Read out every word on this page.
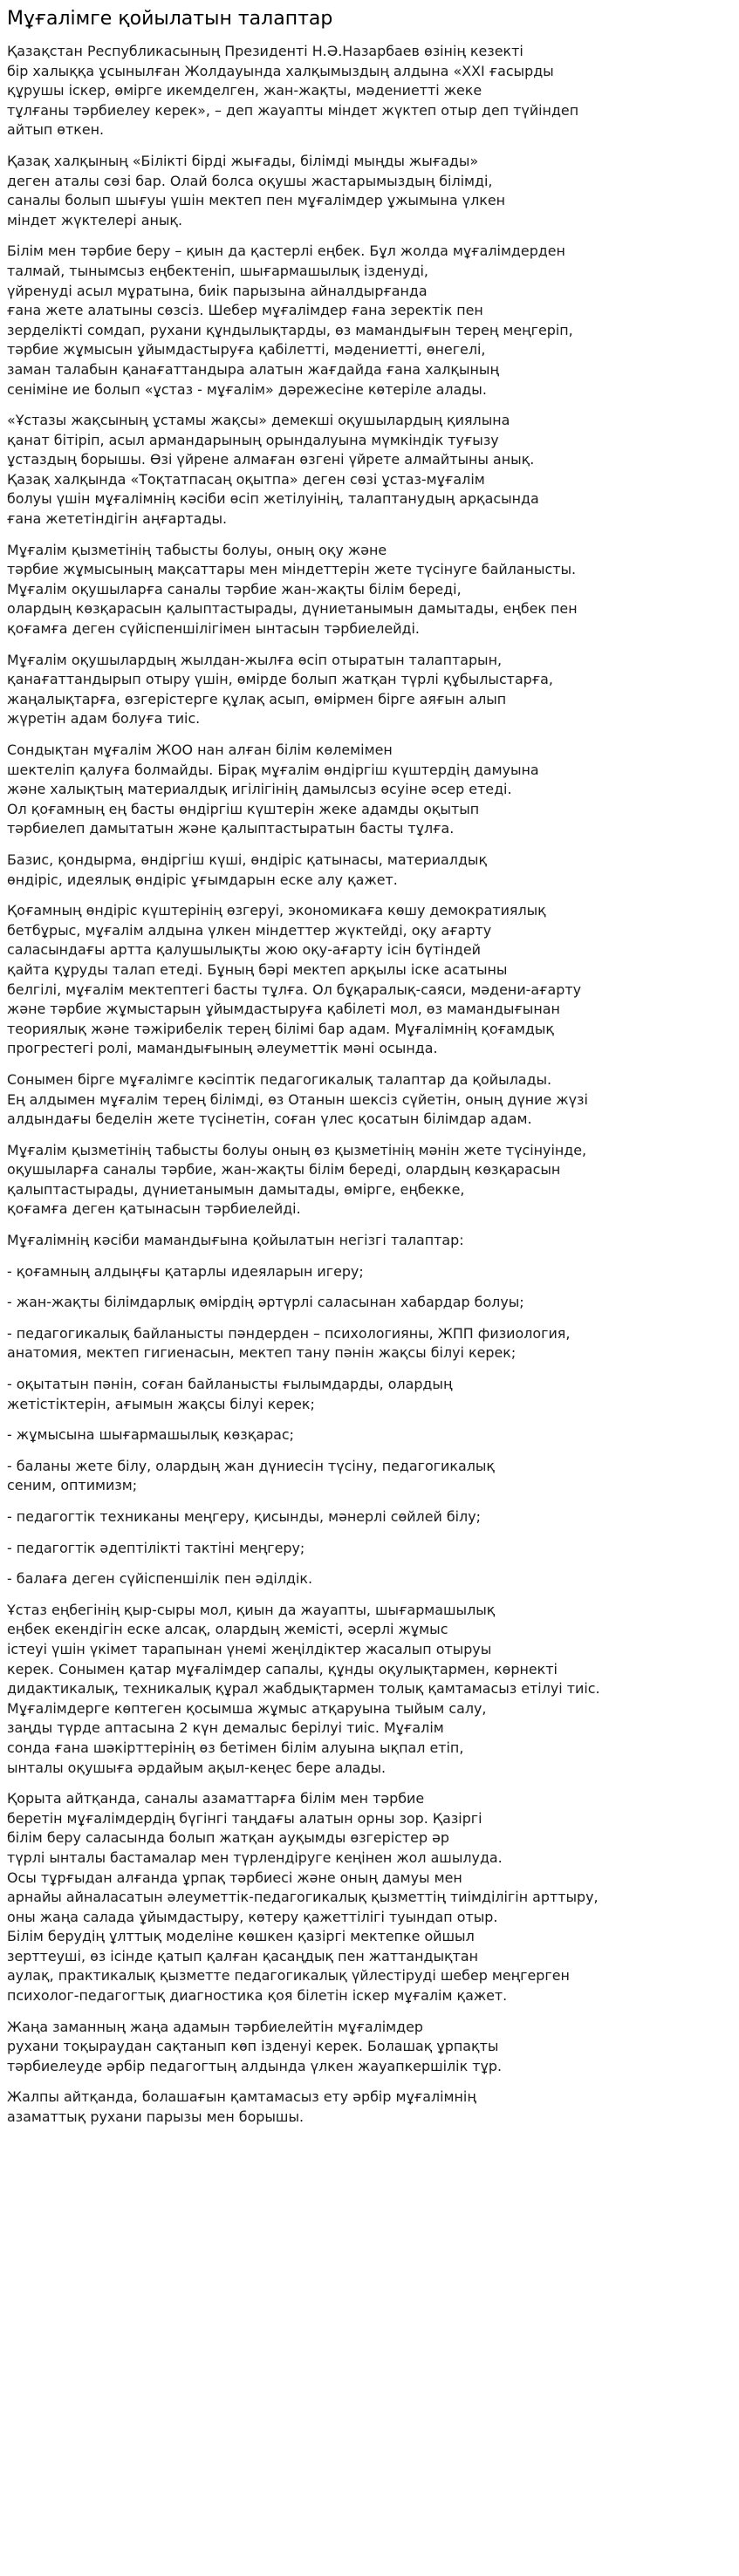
Мұғалімге қойылатын талаптар

Қазақстан Республикасының Президенті Н.Ә.Назарбаев өзінің кезекті
бір халыққа ұсынылған Жолдауында халқымыздың алдына «XXI ғасырды
құрушы іскер, өмірге икемделген, жан-жақты, мәдениетті жеке
тұлғаны тәрбиелеу керек», – деп жауапты міндет жүктеп отыр деп түйіндеп
айтып өткен.

Қазақ халқының «Білікті бірді жығады, білімді мыңды жығады»
деген аталы сөзі бар. Олай болса оқушы жастарымыздың білімді,
саналы болып шығуы үшін мектеп пен мұғалімдер ұжымына үлкен
міндет жүктелері анық.

Білім мен тәрбие беру – қиын да қастерлі еңбек. Бұл жолда мұғалімдерден
талмай, тынымсыз еңбектеніп, шығармашылық ізденуді,
үйренуді асыл мұратына, биік парызына айналдырғанда
ғана жете алатыны сөзсіз. Шебер мұғалімдер ғана зеректік пен
зерделікті сомдап, рухани құндылықтарды, өз мамандығын терең меңгеріп,
тәрбие жұмысын ұйымдастыруға қабілетті, мәдениетті, өнегелі,
заман талабын қанағаттандыра алатын жағдайда ғана халқының
сеніміне ие болып «ұстаз - мұғалім» дәрежесіне көтеріле алады.

«Ұстазы жақсының ұстамы жақсы» демекші оқушылардың қиялына
қанат бітіріп, асыл армандарының орындалуына мүмкіндік туғызу
ұстаздың борышы. Өзі үйрене алмаған өзгені үйрете алмайтыны анық.
Қазақ халқында «Тоқтатпасаң оқытпа» деген сөзі ұстаз-мұғалім
болуы үшін мұғалімнің кәсіби өсіп жетілуінің, талаптанудың арқасында
ғана жететіндігін аңғартады.

Мұғалім қызметінің табысты болуы, оның оқу және
тәрбие жұмысының мақсаттары мен міндеттерін жете түсінуге байланысты.
Мұғалім оқушыларға саналы тәрбие жан-жақты білім береді,
олардың көзқарасын қалыптастырады, дүниетанымын дамытады, еңбек пен
қоғамға деген сүйіспеншілігімен ынтасын тәрбиелейді.

Мұғалім оқушылардың жылдан-жылға өсіп отыратын талаптарын,
қанағаттандырып отыру үшін, өмірде болып жатқан түрлі құбылыстарға,
жаңалықтарға, өзгерістерге құлақ асып, өмірмен бірге аяғын алып
жүретін адам болуға тиіс.

Сондықтан мұғалім ЖОО нан алған білім көлемімен
шектеліп қалуға болмайды. Бірақ мұғалім өндіргіш күштердің дамуына
және халықтың материалдық игілігінің дамылсыз өсуіне әсер етеді.
Ол қоғамның ең басты өндіргіш күштерін жеке адамды оқытып
тәрбиелеп дамытатын және қалыптастыратын басты тұлға.

Базис, қондырма, өндіргіш күші, өндіріс қатынасы, материалдық
өндіріс, идеялық өндіріс ұғымдарын еске алу қажет.

Қоғамның өндіріс күштерінің өзгеруі, экономикаға көшу демократиялық
бетбұрыс, мұғалім алдына үлкен міндеттер жүктейді, оқу ағарту
саласындағы артта қалушылықты жою оқу-ағарту ісін бүтіндей
қайта құруды талап етеді. Бұның бәрі мектеп арқылы іске асатыны
белгілі, мұғалім мектептегі басты тұлға. Ол бұқаралық-саяси, мәдени-ағарту
және тәрбие жұмыстарын ұйымдастыруға қабілеті мол, өз мамандығынан
теориялық және тәжірибелік терең білімі бар адам. Мұғалімнің қоғамдық
прогрестегі ролі, мамандығының әлеуметтік мәні осында.

Сонымен бірге мұғалімге кәсіптік педагогикалық талаптар да қойылады.
Ең алдымен мұғалім терең білімді, өз Отанын шексіз сүйетін, оның дүние жүзі
алдындағы беделін жете түсінетін, соған үлес қосатын білімдар адам.

Мұғалім қызметінің табысты болуы оның өз қызметінің мәнін жете түсінуінде,
оқушыларға саналы тәрбие, жан-жақты білім береді, олардың көзқарасын
қалыптастырады, дүниетанымын дамытады, өмірге, еңбекке,
қоғамға деген қатынасын тәрбиелейді.

Мұғалімнің кәсіби мамандығына қойылатын негізгі талаптар:

- қоғамның алдыңғы қатарлы идеяларын игеру;

- жан-жақты білімдарлық өмірдің әртүрлі саласынан хабардар болуы;

- педагогикалық байланысты пәндерден – психологияны, ЖПП физиология,
анатомия, мектеп гигиенасын, мектеп тану пәнін жақсы білуі керек;

- оқытатын пәнін, соған байланысты ғылымдарды, олардың
жетістіктерін, ағымын жақсы білуі керек;

- жұмысына шығармашылық көзқарас;

- баланы жете білу, олардың жан дүниесін түсіну, педагогикалық
сеним, оптимизм;

- педагогтік техниканы меңгеру, қисынды, мәнерлі сөйлей білу;

- педагогтік әдептілікті тактіні меңгеру;

- балаға деген сүйіспеншілік пен әділдік.

Ұстаз еңбегінің қыр-сыры мол, қиын да жауапты, шығармашылық
еңбек екендігін еске алсақ, олардың жемісті, әсерлі жұмыс
істеуі үшін үкімет тарапынан үнемі жеңілдіктер жасалып отыруы
керек. Сонымен қатар мұғалімдер сапалы, құнды оқулықтармен, көрнекті
дидактикалық, техникалық құрал жабдықтармен толық қамтамасыз етілуі тиіс.
Мұғалімдерге көптеген қосымша жұмыс атқаруына тыйым салу,
заңды түрде аптасына 2 күн демалыс берілуі тиіс. Мұғалім
сонда ғана шәкірттерінің өз бетімен білім алуына ықпал етіп,
ынталы оқушыға әрдайым ақыл-кеңес бере алады.

Қорыта айтқанда, саналы азаматтарға білім мен тәрбие
беретін мұғалімдердің бүгінгі таңдағы алатын орны зор. Қазіргі
білім беру саласында болып жатқан ауқымды өзгерістер әр
түрлі ынталы бастамалар мен түрлендіруге кеңінен жол ашылуда.
Осы тұрғыдан алғанда ұрпақ тәрбиесі және оның дамуы мен
арнайы айналасатын әлеуметтік-педагогикалық қызметтің тиімділігін арттыру,
оны жаңа салада ұйымдастыру, көтеру қажеттілігі туындап отыр.
Білім берудің ұлттық моделіне көшкен қазіргі мектепке ойшыл
зерттеуші, өз ісінде қатып қалған қасаңдық пен жаттандықтан
аулақ, практикалық қызметте педагогикалық үйлестіруді шебер меңгерген
психолог-педагогтық диагностика қоя білетін іскер мұғалім қажет.

Жаңа заманның жаңа адамын тәрбиелейтін мұғалімдер
рухани тоқыраудан сақтанып көп ізденуі керек. Болашақ ұрпақты
тәрбиелеуде әрбір педагогтың алдында үлкен жауапкершілік тұр.

Жалпы айтқанда, болашағын қамтамасыз ету әрбір мұғалімнің
азаматтық рухани парызы мен борышы.
